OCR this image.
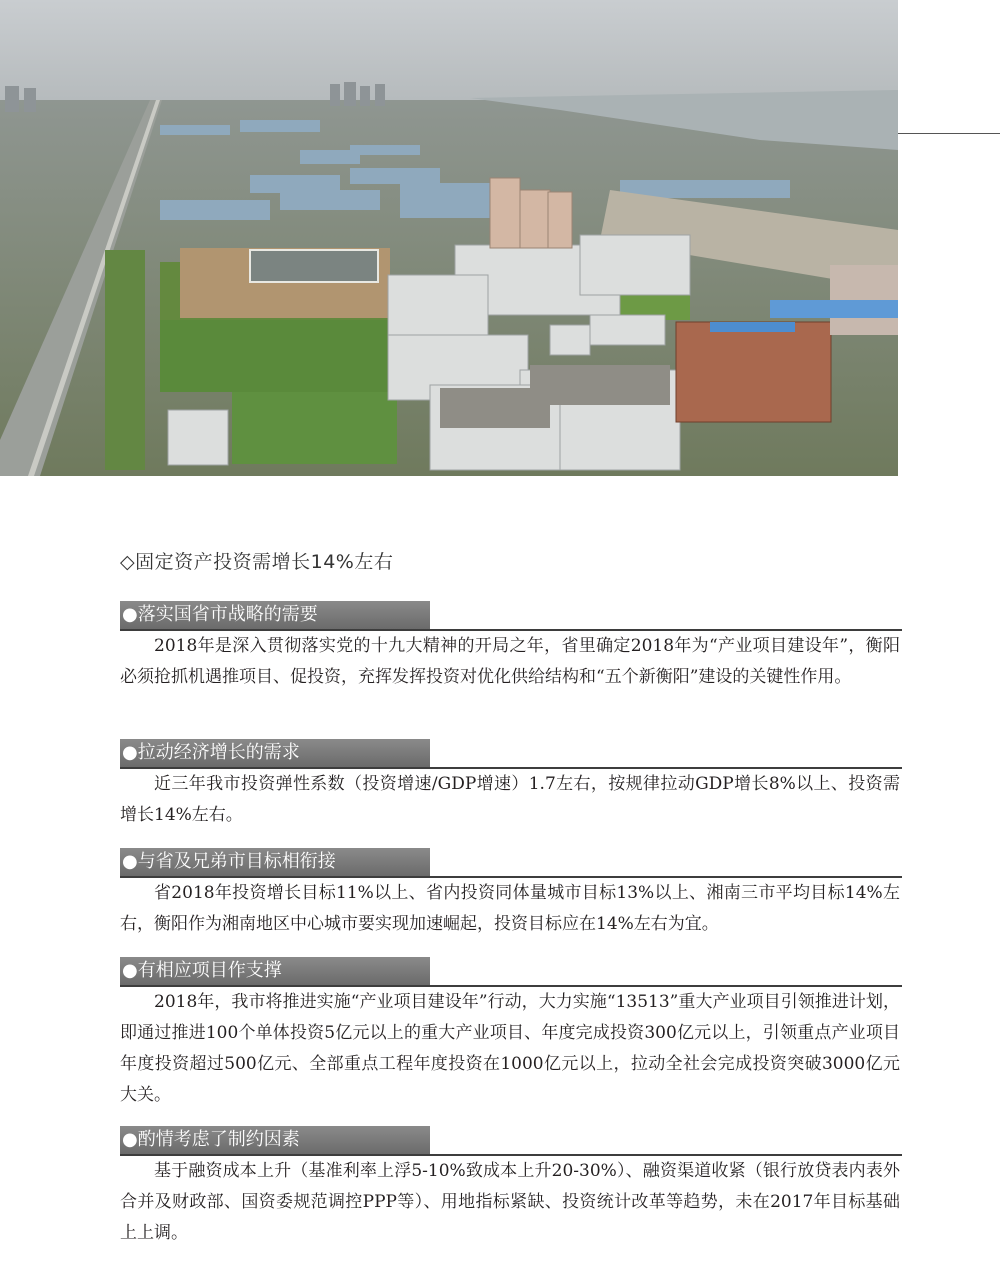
◇固定资产投资需增长14%左右
●落实国省市战略的需要

2018年是深入贯彻落实党的十九大精神的开局之年，省里确定2018年为“产业项目建设年”，衡阳必须抢抓机遇推项目、促投资，充挥发挥投资对优化供给结构和“五个新衡阳”建设的关键性作用。

●拉动经济增长的需求

近三年我市投资弹性系数（投资增速/GDP增速）1.7左右，按规律拉动GDP增长8%以上、投资需增长14%左右。

●与省及兄弟市目标相衔接

省2018年投资增长目标11%以上、省内投资同体量城市目标13%以上、湘南三市平均目标14%左右，衡阳作为湘南地区中心城市要实现加速崛起，投资目标应在14%左右为宜。

●有相应项目作支撑

2018年，我市将推进实施“产业项目建设年”行动，大力实施“13513”重大产业项目引领推进计划，即通过推进100个单体投资5亿元以上的重大产业项目、年度完成投资300亿元以上，引领重点产业项目年度投资超过500亿元、全部重点工程年度投资在1000亿元以上，拉动全社会完成投资突破3000亿元大关。

●酌情考虑了制约因素

基于融资成本上升（基准利率上浮5-10%致成本上升20-30%）、融资渠道收紧（银行放贷表内表外合并及财政部、国资委规范调控PPP等）、用地指标紧缺、投资统计改革等趋势，未在2017年目标基础上上调。
